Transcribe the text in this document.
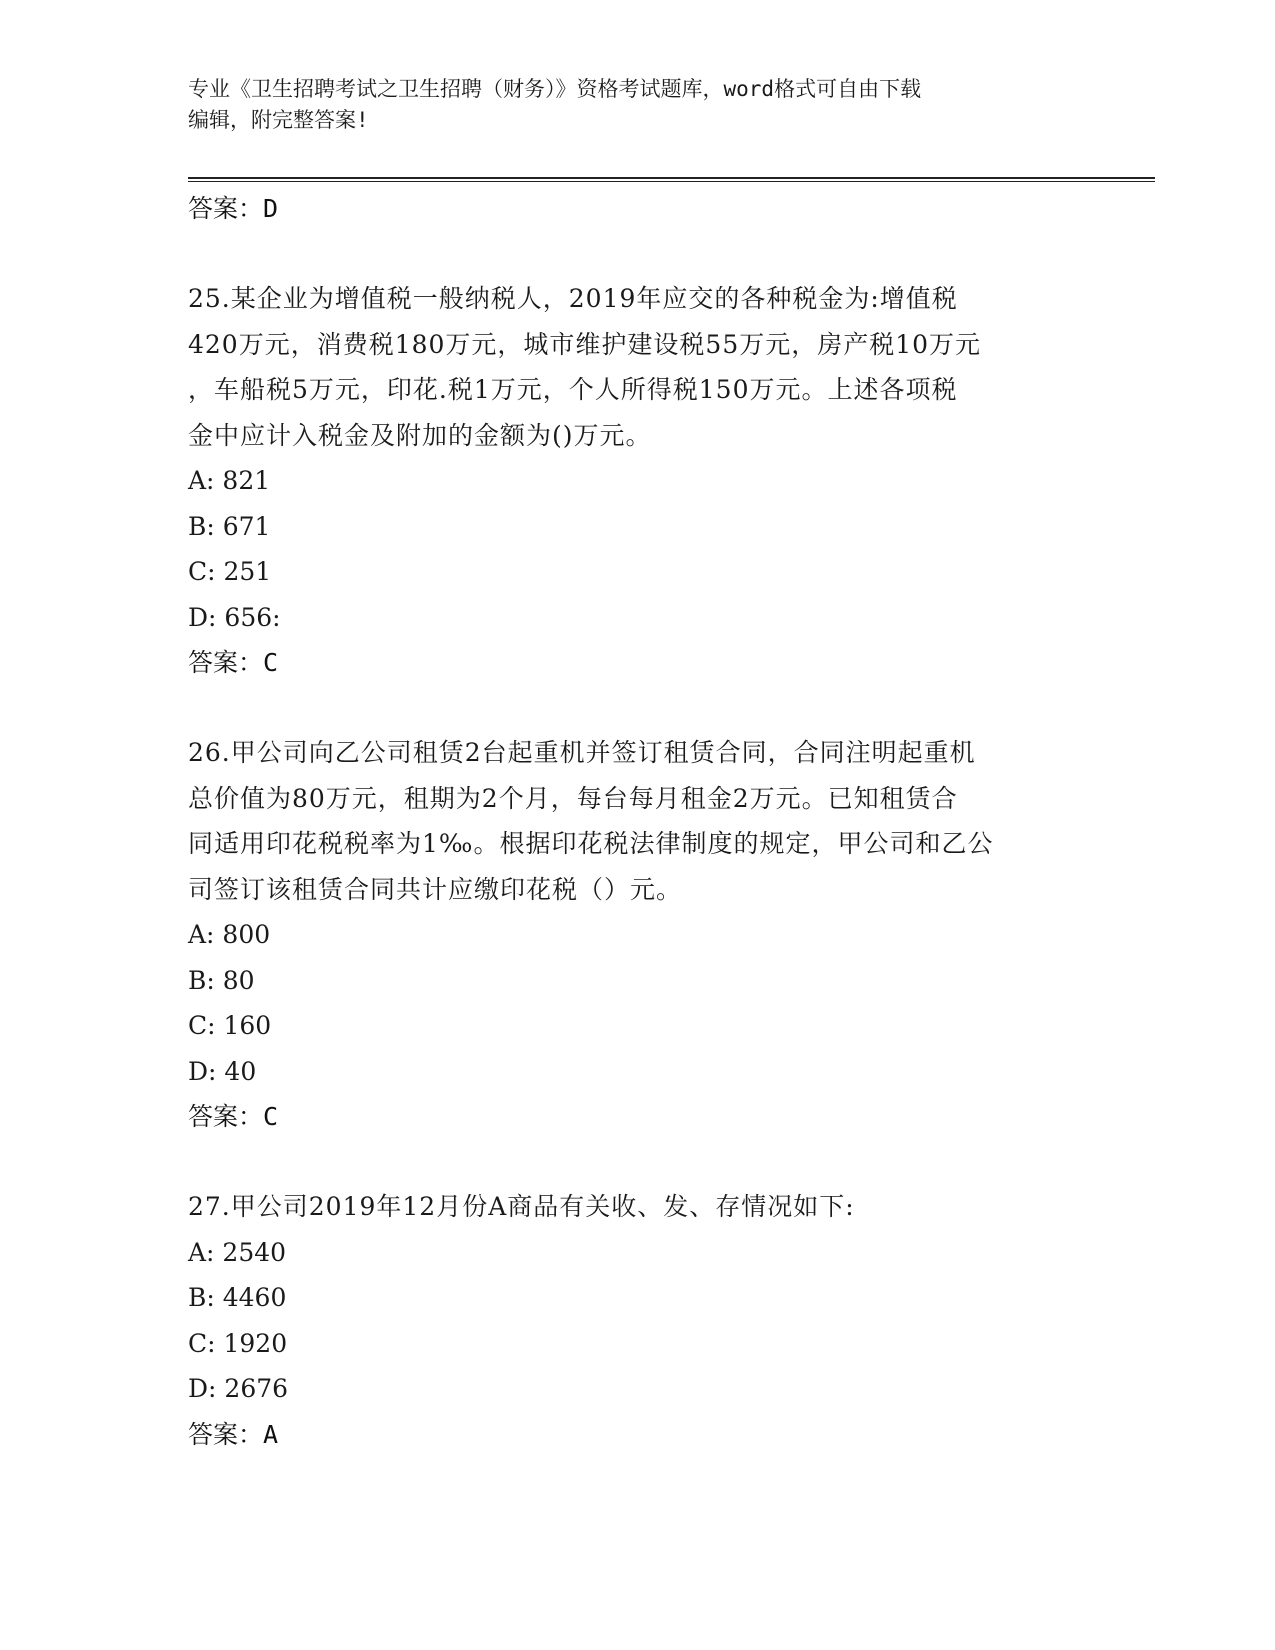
专业《卫生招聘考试之卫生招聘（财务）》资格考试题库，word格式可自由下载
编辑，附完整答案!
答案：D
25.某企业为增值税一般纳税人，2019年应交的各种税金为:增值税
420万元，消费税180万元，城市维护建设税55万元，房产税10万元
，车船税5万元，印花.税1万元，个人所得税150万元。上述各项税
金中应计入税金及附加的金额为()万元。
A: 821
B: 671
C: 251
D: 656:
答案：C
26.甲公司向乙公司租赁2台起重机并签订租赁合同，合同注明起重机
总价值为80万元，租期为2个月，每台每月租金2万元。已知租赁合
同适用印花税税率为1‰。根据印花税法律制度的规定，甲公司和乙公
司签订该租赁合同共计应缴印花税（）元。
A: 800
B: 80
C: 160
D: 40
答案：C
27.甲公司2019年12月份A商品有关收、发、存情况如下:
A: 2540
B: 4460
C: 1920
D: 2676
答案：A
